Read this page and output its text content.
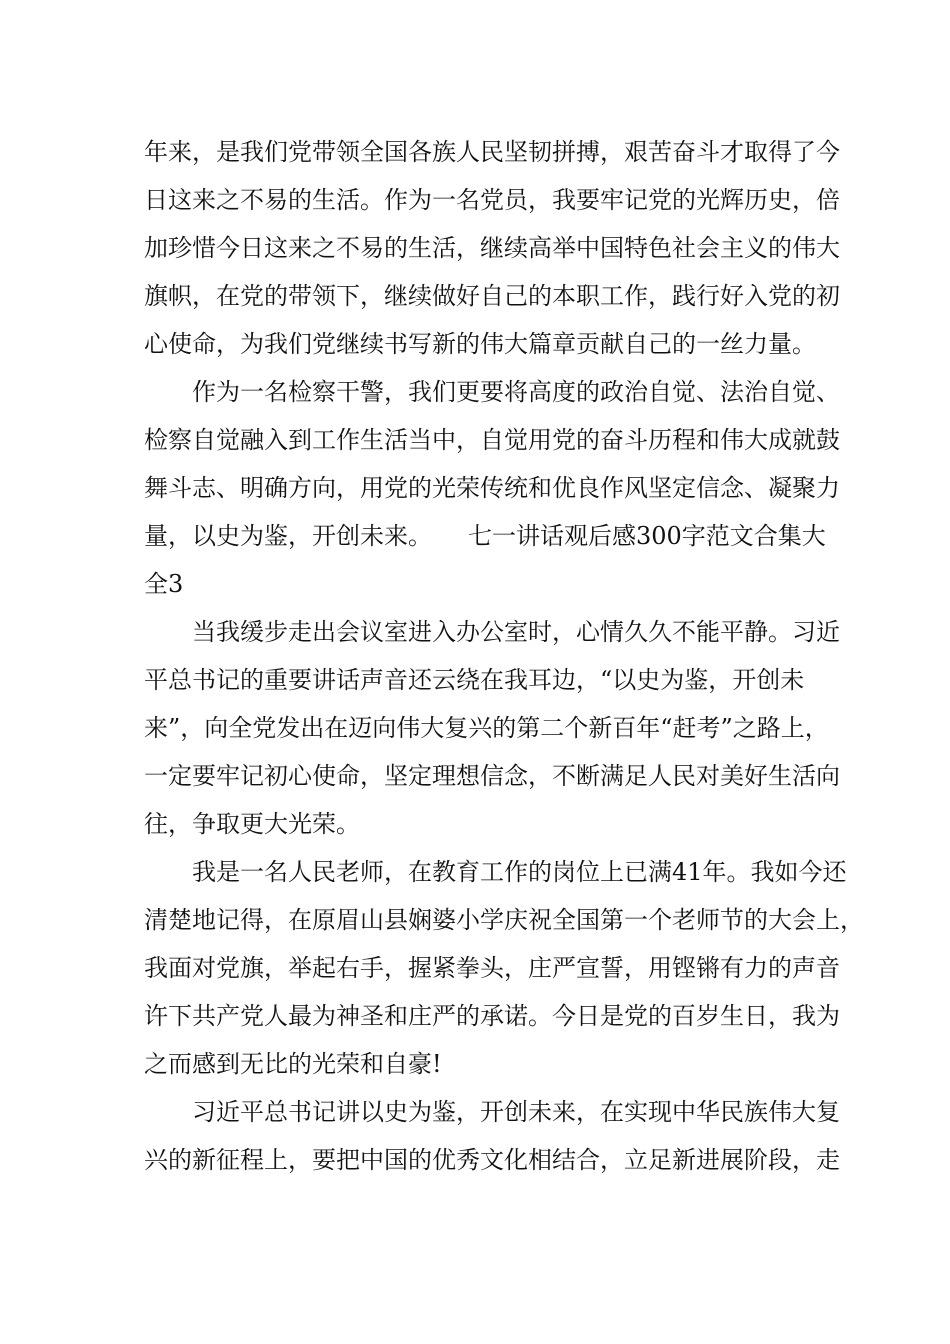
年来，是我们党带领全国各族人民坚韧拼搏，艰苦奋斗才取得了今
日这来之不易的生活。作为一名党员，我要牢记党的光辉历史，倍
加珍惜今日这来之不易的生活，继续高举中国特色社会主义的伟大
旗帜，在党的带领下，继续做好自己的本职工作，践行好入党的初
心使命，为我们党继续书写新的伟大篇章贡献自己的一丝力量。
作为一名检察干警，我们更要将高度的政治自觉、法治自觉、
检察自觉融入到工作生活当中，自觉用党的奋斗历程和伟大成就鼓
舞斗志、明确方向，用党的光荣传统和优良作风坚定信念、凝聚力
量，以史为鉴，开创未来。　　七一讲话观后感300字范文合集大
全3
当我缓步走出会议室进入办公室时，心情久久不能平静。习近
平总书记的重要讲话声音还云绕在我耳边，“以史为鉴，开创未
来”，向全党发出在迈向伟大复兴的第二个新百年“赶考”之路上，
一定要牢记初心使命，坚定理想信念，不断满足人民对美好生活向
往，争取更大光荣。
我是一名人民老师，在教育工作的岗位上已满41年。我如今还
清楚地记得，在原眉山县娴婆小学庆祝全国第一个老师节的大会上，
我面对党旗，举起右手，握紧拳头，庄严宣誓，用铿锵有力的声音
许下共产党人最为神圣和庄严的承诺。今日是党的百岁生日，我为
之而感到无比的光荣和自豪!
习近平总书记讲以史为鉴，开创未来，在实现中华民族伟大复
兴的新征程上，要把中国的优秀文化相结合，立足新进展阶段，走
